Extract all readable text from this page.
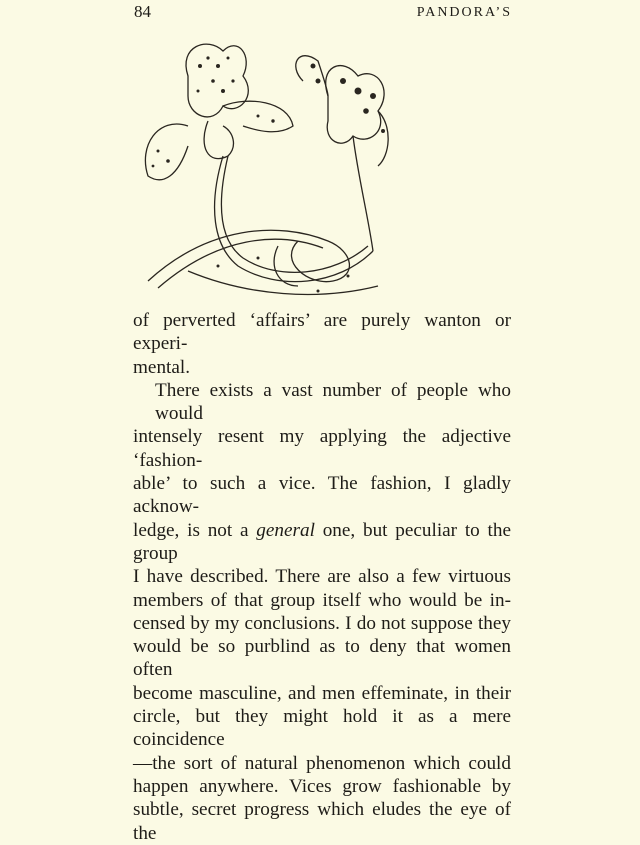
84	PANDORA’S
of perverted ‘affairs’ are purely wanton or experi-
mental.
There exists a vast number of people who would
intensely resent my applying the adjective ‘fashion-
able’ to such a vice. The fashion, I gladly acknow-
ledge, is not a general one, but peculiar to the group
I have described. There are also a few virtuous
members of that group itself who would be in-
censed by my conclusions. I do not suppose they
would be so purblind as to deny that women often
become masculine, and men effeminate, in their
circle, but they might hold it as a mere coincidence
—the sort of natural phenomenon which could
happen anywhere. Vices grow fashionable by
subtle, secret progress which eludes the eye of the
